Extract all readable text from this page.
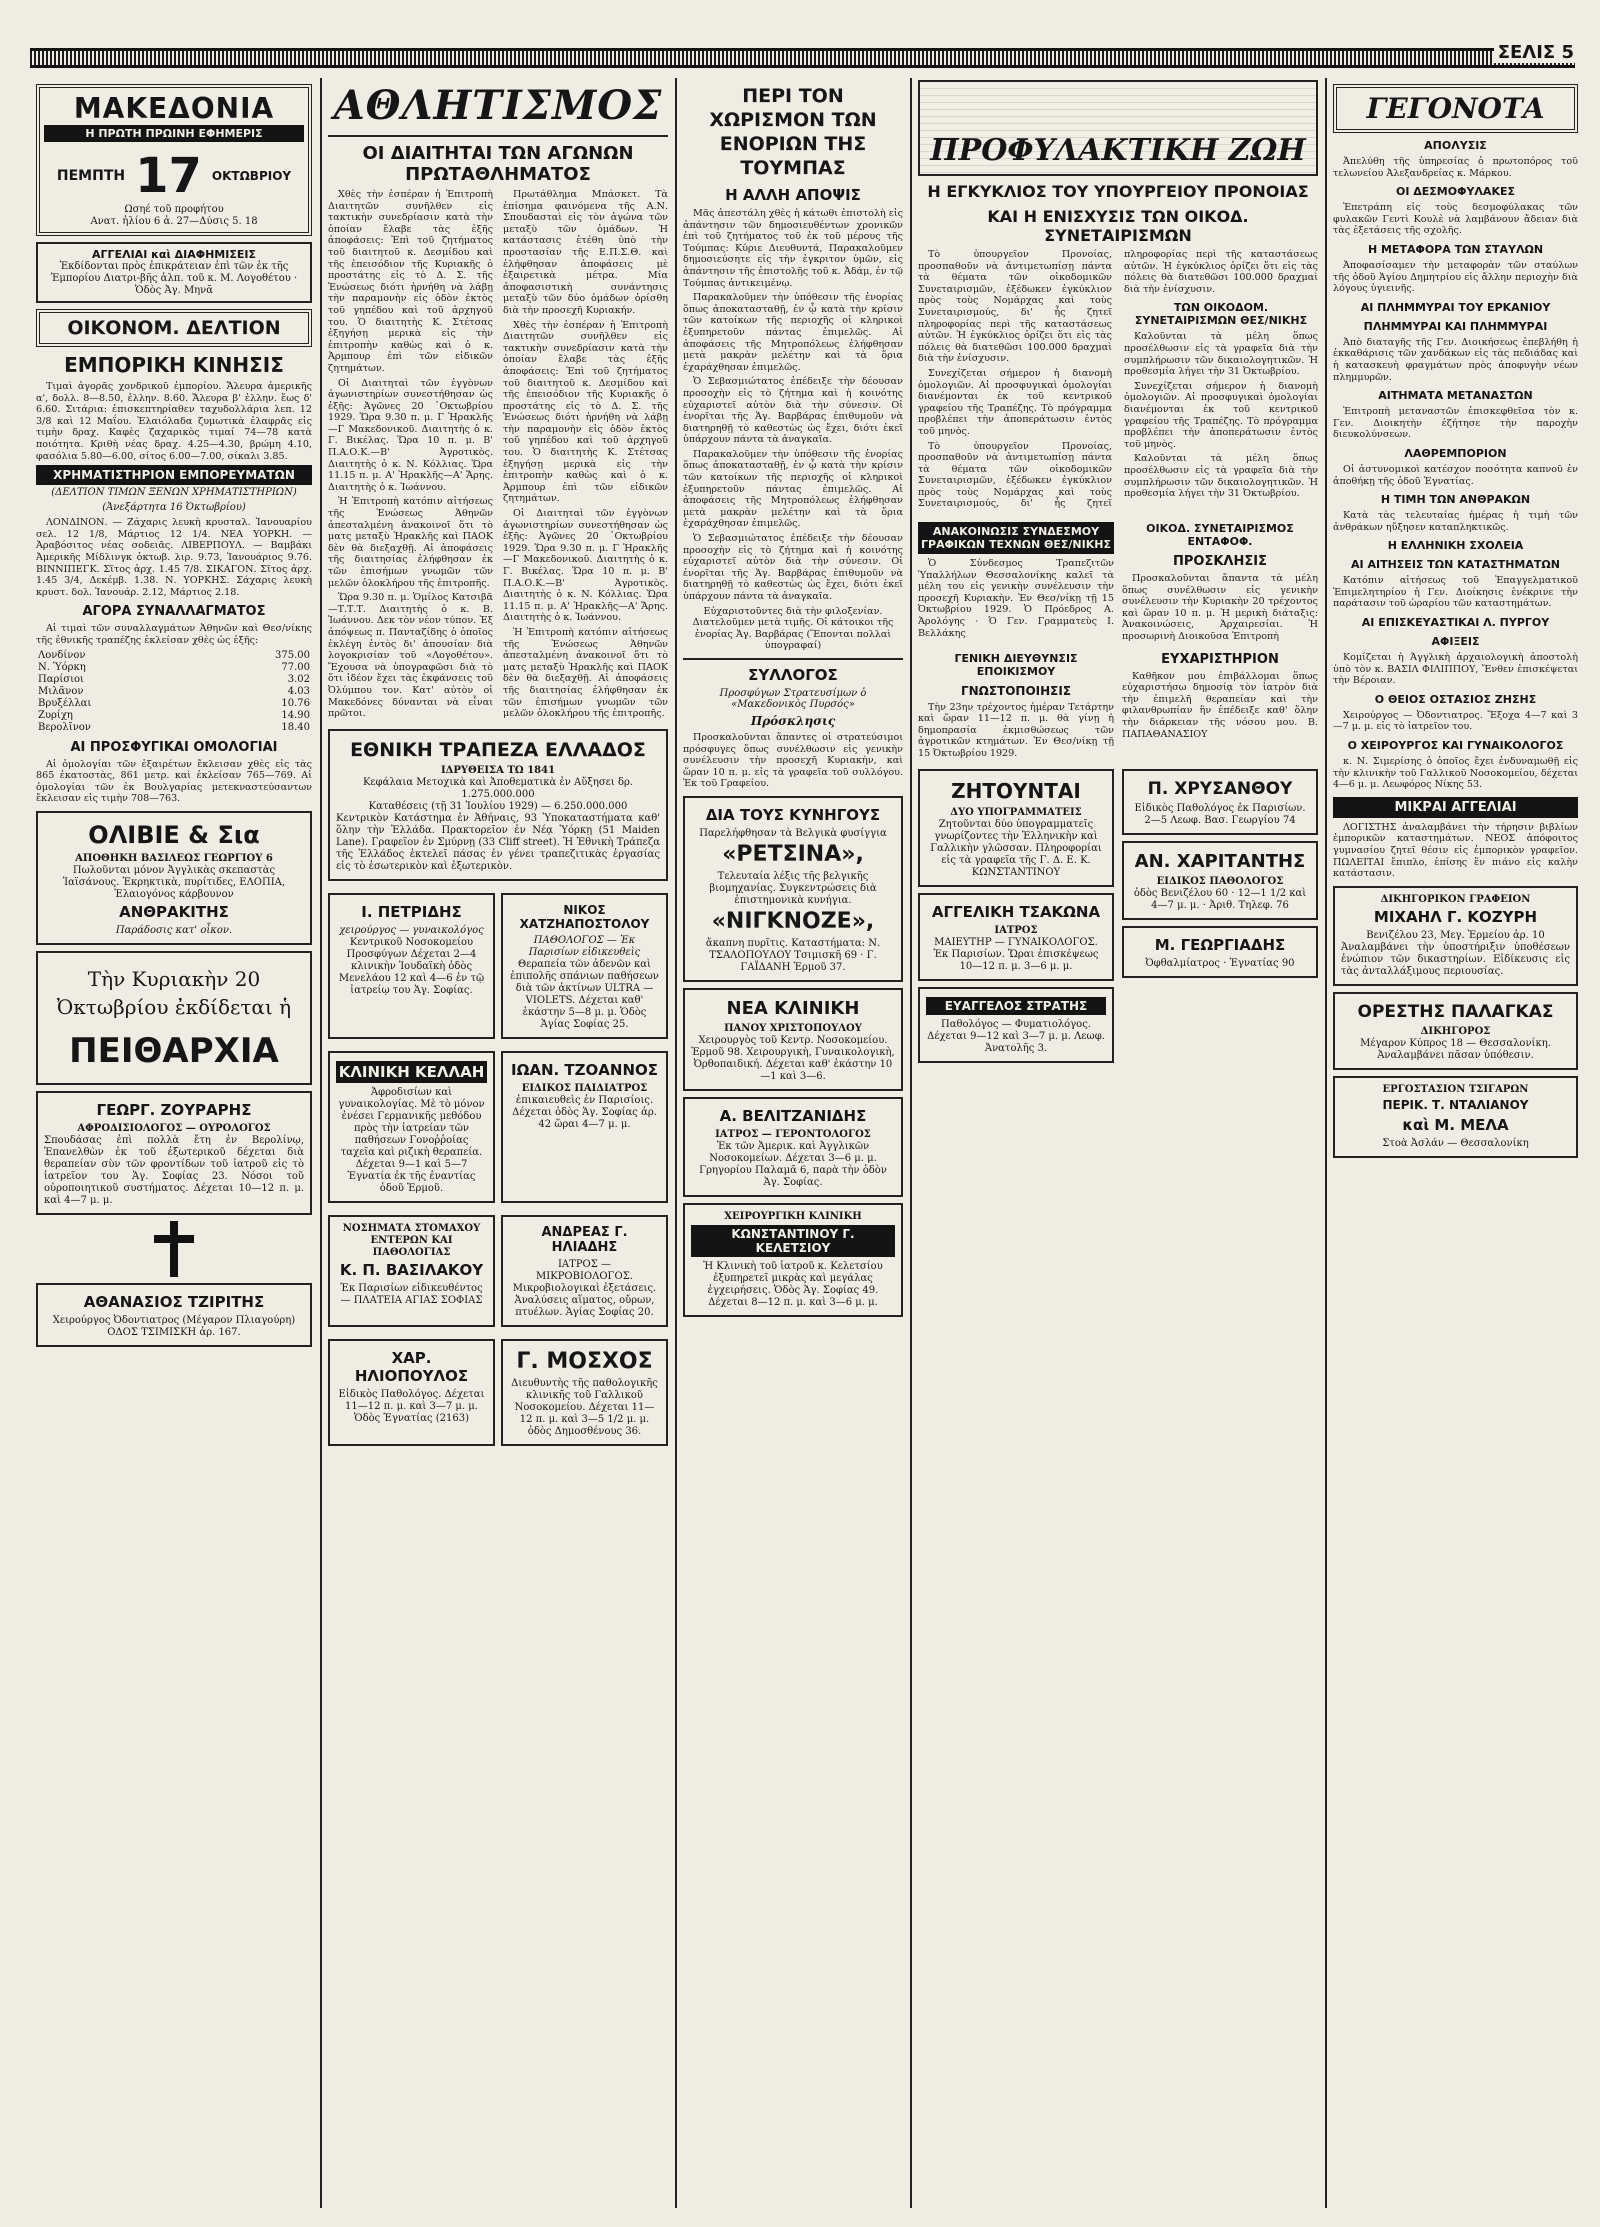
ΣΕΛΙΣ 5
ΜΑΚΕΔΟΝΙΑ
Η ΠΡΩΤΗ ΠΡΩΙΝΗ ΕΦΗΜΕΡΙΣ
ΠΕΜΠΤΗ 17 ΟΚΤΩΒΡΙΟΥ
Ωσηέ τοῦ προφήτου
Ανατ. ἡλίου 6 ἀ. 27—Δύσις 5. 18
ΑΓΓΕΛΙΑΙ καὶ ΔΙΑΦΗΜΙΣΕΙΣ
Ἐκδίδονται πρὸς ἐπικράτειαν ἐπὶ τῶν ἐκ τῆς Ἐμπορίου Διατρι-βῆς ἀλπ. τοῦ κ. Μ. Λογοθέτου · Ὁδὸς Ἀγ. Μηνᾶ
ΟΙΚΟΝΟΜ. ΔΕΛΤΙΟΝ
ΕΜΠΟΡΙΚΗ ΚΙΝΗΣΙΣ

Τιμαὶ ἀγορᾶς χονδρικοῦ ἐμπορίου. Ἄλευρα ἀμερικῆς α', δολλ. 8—8.50, ἑλλην. 8.60. Ἄλευρα β' ἑλλην. ἔως δ' 6.60. Σιτάρια: ἐπισκεπτηρίαθεν ταχυδολλάρια λεπ. 12 3/8 καὶ 12 Μαΐου. Ἐλαιόλαδα ζυμωτικὰ ἐλαφρᾶς εἰς τιμὴν δραχ. Καφὲς ζαχαρικὸς τιμαί 74—78 κατὰ ποιότητα. Κριθὴ νέας δραχ. 4.25—4.30, βρώμη 4.10, φασόλια 5.80—6.00, σίτος 6.00—7.00, σίκαλι 3.85.

ΧΡΗΜΑΤΙΣΤΗΡΙΟΝ ΕΜΠΟΡΕΥΜΑΤΩΝ
(ΔΕΛΤΙΟΝ ΤΙΜΩΝ ΞΕΝΩΝ ΧΡΗΜΑΤΙΣΤΗΡΙΩΝ)
(Ἀνεξάρτητα 16 Ὀκτωβρίου)

ΛΟΝΔΙΝΟΝ. — Ζάχαρις λευκὴ κρυσταλ. Ἰανουαρίου σελ. 12 1/8, Μάρτιος 12 1/4. ΝΕΑ ΥΟΡΚΗ. — Ἀραβόσιτος νέας σοδειᾶς. ΛΙΒΕΡΠΟΥΛ. — Βαμβάκι Ἀμερικῆς Μίδλινγκ ὀκτωβ. λιρ. 9.73, Ἰανουάριος 9.76. ΒΙΝΝΙΠΕΓΚ. Σῖτος ἀρχ. 1.45 7/8. ΣΙΚΑΓΟΝ. Σῖτος ἀρχ. 1.45 3/4, Δεκέμβ. 1.38. Ν. ΥΟΡΚΗΣ. Σάχαρις λευκὴ κρυστ. δολ. Ἰανουάρ. 2.12, Μάρτιος 2.18.

ΑΓΟΡΑ ΣΥΝΑΛΛΑΓΜΑΤΟΣ

Αἱ τιμαὶ τῶν συναλλαγμάτων Ἀθηνῶν καὶ Θεσ/νίκης τῆς ἐθνικῆς τραπέζης ἐκλείσαν χθὲς ὡς ἑξῆς:

Λονδίνον	375.00
Ν. Ὑόρκη	77.00
Παρίσιοι	3.02
Μιλᾶνον	4.03
Βρυξέλλαι	10.76
Ζυρίχη	14.90
Βερολῖνον	18.40
ΑΙ ΠΡΟΣΦΥΓΙΚΑΙ ΟΜΟΛΟΓΙΑΙ

Αἱ ὁμολογίαι τῶν ἐξαιρέτων ἔκλεισαν χθὲς εἰς τὰς 865 ἐκατοστὰς, 861 μετρ. καὶ ἐκλείσαν 765—769. Αἱ ὁμολογίαι τῶν ἐκ Βουλγαρίας μετεκναστεύσαντων ἔκλεισαν εἰς τιμὴν 708—763.

ΟΛΙΒΙΕ & Σια
ΑΠΟΘΗΚΗ ΒΑΣΙΛΕΩΣ ΓΕΩΡΓΙΟΥ 6

Πωλοῦνται μόνον Ἀγγλικὰς σκεπαστὰς Ἰαϊσάνους. Ἐκρηκτικὰ, πυρίτιδες, ΕΛΟΠΙΑ, Ἐλαιογόνος κάρβουνον

ΑΝΘΡΑΚΙΤΗΣ
Παράδοσις κατ' οἶκον.
Τὴν Κυριακὴν 20 Ὀκτωβρίου ἐκδίδεται ἡ
ΠΕΙΘΑΡΧΙΑ
ΓΕΩΡΓ. ΖΟΥΡΑΡΗΣ
ΑΦΡΟΔΙΣΙΟΛΟΓΟΣ — ΟΥΡΟΛΟΓΟΣ

Σπουδάσας ἐπὶ πολλὰ ἔτη ἐν Βερολίνῳ, Ἐπανελθὼν ἐκ τοῦ ἐξωτερικοῦ δέχεται διὰ θεραπείαν σὺν τῶν φροντίδων τοῦ ἰατροῦ εἰς τὸ ἰατρεῖον του Ἁγ. Σοφίας 23. Νόσοι τοῦ οὐροποιητικοῦ συστήματος. Δέχεται 10—12 π. μ. καὶ 4—7 μ. μ.

ΑΘΑΝΑΣΙΟΣ ΤΖΙΡΙΤΗΣ

Χειρούργος Ὀδοντιατρος (Μέγαρον Πλιαγούρη) ΟΔΟΣ ΤΣΙΜΙΣΚΗ ἀρ. 167.

ΑΘΛΗΤΙΣΜΟΣ
ΟΙ ΔΙΑΙΤΗΤΑΙ ΤΩΝ ΑΓΩΝΩΝ ΠΡΩΤΑΘΛΗΜΑΤΟΣ

Χθὲς τὴν ἑσπέραν ἡ Ἐπιτροπὴ Διαιτητῶν συνῆλθεν εἰς τακτικὴν συνεδρίασιν κατὰ τὴν ὁποίαν ἔλαβε τὰς ἑξῆς ἀποφάσεις: Ἐπὶ τοῦ ζητήματος τοῦ διαιτητοῦ κ. Δεσμίδου καὶ τῆς ἐπεισόδιον τῆς Κυριακῆς ὁ προστάτης εἰς τὸ Δ. Σ. τῆς Ἑνώσεως διότι ἠρνήθη νὰ λάβῃ τὴν παραμονὴν εἰς ὁδὸν ἐκτὸς τοῦ γηπέδου καὶ τοῦ ἀρχηγοῦ του. Ὁ διαιτητὴς Κ. Στέτσας ἐξηγήσῃ μερικὰ εἰς τὴν ἐπιτροπὴν καθὼς καὶ ὁ κ. Ἀρμπουρ ἐπὶ τῶν εἰδικῶν ζητημάτων.

Οἱ Διαιτηταὶ τῶν ἐγγὸνων ἀγωνιστηρίων συνεστήθησαν ὡς ἑξῆς: Ἀγῶνες 20 ᾽Οκτωβρίου 1929. Ὥρα 9.30 π. μ. Γ Ἡρακλῆς—Γ Μακεδονικοῦ. Διαιτητὴς ὁ κ. Γ. Βικέλας. Ὥρα 10 π. μ. Β' Π.Α.Ο.Κ.—Β' Ἀγροτικὸς. Διαιτητὴς ὁ κ. Ν. Κόλλιας. Ὥρα 11.15 π. μ. Α' Ἡρακλῆς—Α' Ἄρης. Διαιτητὴς ὁ κ. Ἰωάννου.

Ἡ Ἐπιτροπὴ κατόπιν αἰτήσεως τῆς Ἑνώσεως Ἀθηνῶν ἀπεσταλμένη ἀνακοινοῖ ὅτι τὸ ματς μεταξὺ Ἡρακλῆς καὶ ΠΑΟΚ δὲν θὰ διεξαχθῇ. Αἱ ἀποφάσεις τῆς διαιτησίας ἐλήφθησαν ἐκ τῶν ἐπισήμων γνωμῶν τῶν μελῶν ὁλοκλήρου τῆς ἐπιτροπῆς.

Ὥρα 9.30 π. μ. Ὁμίλος Κατσιβᾶ—Τ.Τ.Τ. Διαιτητὴς ὁ κ. Β. Ἰωάννου. Δεκ τὸν νέον τύπον. Ἐξ ἀπόψεως π. Πανταζίδης ὁ ὁποῖος ἐκλέγη ἐντὸς δι' ἀπουσίαν διὰ λογοκρισίαν τοῦ «Λογοθέτου». Ἔχουσα νὰ ὑπογραφῶσι διὰ τὸ ὅτι ἰδέον ἔχει τὰς ἐκφάνσεις τοῦ Ὀλύμπου τον. Κατ' αὐτὸν οἱ Μακεδόνες δύνανται νὰ εἶναι πρῶτοι.

Πρωτάθλημα Μπάσκετ. Τὰ ἐπίσημα φαινόμενα τῆς Α.Ν. Σπουδασταὶ εἰς τὸν ἀγώνα τῶν μεταξὺ τῶν ὁμάδων. Ἡ κατάστασις ἐτέθη ὑπὸ τὴν προστασίαν τῆς Ε.Π.Σ.Θ. καὶ ἐλήφθησαν ἀποφάσεις μὲ ἐξαιρετικὰ μέτρα. Μία ἀποφασιστικὴ συνάντησις μεταξὺ τῶν δύο ὁμάδων ὀρίσθη διὰ τὴν προσεχῆ Κυριακήν.

Χθὲς τὴν ἑσπέραν ἡ Ἐπιτροπὴ Διαιτητῶν συνῆλθεν εἰς τακτικὴν συνεδρίασιν κατὰ τὴν ὁποίαν ἔλαβε τὰς ἑξῆς ἀποφάσεις: Ἐπὶ τοῦ ζητήματος τοῦ διαιτητοῦ κ. Δεσμίδου καὶ τῆς ἐπεισόδιον τῆς Κυριακῆς ὁ προστάτης εἰς τὸ Δ. Σ. τῆς Ἑνώσεως διότι ἠρνήθη νὰ λάβῃ τὴν παραμονὴν εἰς ὁδὸν ἐκτὸς τοῦ γηπέδου καὶ τοῦ ἀρχηγοῦ του. Ὁ διαιτητὴς Κ. Στέτσας ἐξηγήσῃ μερικὰ εἰς τὴν ἐπιτροπὴν καθὼς καὶ ὁ κ. Ἀρμπουρ ἐπὶ τῶν εἰδικῶν ζητημάτων.

Οἱ Διαιτηταὶ τῶν ἐγγὸνων ἀγωνιστηρίων συνεστήθησαν ὡς ἑξῆς: Ἀγῶνες 20 ᾽Οκτωβρίου 1929. Ὥρα 9.30 π. μ. Γ Ἡρακλῆς—Γ Μακεδονικοῦ. Διαιτητὴς ὁ κ. Γ. Βικέλας. Ὥρα 10 π. μ. Β' Π.Α.Ο.Κ.—Β' Ἀγροτικὸς. Διαιτητὴς ὁ κ. Ν. Κόλλιας. Ὥρα 11.15 π. μ. Α' Ἡρακλῆς—Α' Ἄρης. Διαιτητὴς ὁ κ. Ἰωάννου.

Ἡ Ἐπιτροπὴ κατόπιν αἰτήσεως τῆς Ἑνώσεως Ἀθηνῶν ἀπεσταλμένη ἀνακοινοῖ ὅτι τὸ ματς μεταξὺ Ἡρακλῆς καὶ ΠΑΟΚ δὲν θὰ διεξαχθῇ. Αἱ ἀποφάσεις τῆς διαιτησίας ἐλήφθησαν ἐκ τῶν ἐπισήμων γνωμῶν τῶν μελῶν ὁλοκλήρου τῆς ἐπιτροπῆς.

ΕΘΝΙΚΗ ΤΡΑΠΕΖΑ ΕΛΛΑΔΟΣ
ΙΔΡΥΘΕΙΣΑ ΤΩ 1841
Κεφάλαια Μετοχικὰ καὶ Ἀποθεματικὰ ἐν Αὔξησει δρ. 1.275.000.000
Καταθέσεις (τῇ 31 Ἰουλίου 1929) — 6.250.000.000

Κεντρικὸν Κατάστημα ἐν Ἀθήναις, 93 Ὑποκαταστήματα καθ' ὅλην τὴν Ἑλλάδα. Πρακτορεῖον ἐν Νέᾳ Ὑόρκῃ (51 Maiden Lane). Γραφεῖον ἐν Σμύρνῃ (33 Cliff street). Ἡ Ἐθνικὴ Τράπεζα τῆς Ἑλλάδος ἐκτελεῖ πάσας ἐν γένει τραπεζιτικὰς ἐργασίας εἰς τὸ ἐσωτερικὸν καὶ ἐξωτερικὸν.

Ι. ΠΕΤΡΙΔΗΣ
χειρούργος — γυναικολόγος

Κεντρικοῦ Νοσοκομείου Προσφύγων Δέχεται 2—4 κλινικὴν Ἰουδαϊκὴ ὁδὸς Μενελάου 12 καὶ 4—6 ἐν τῷ ἰατρείῳ του Ἁγ. Σοφίας.

ΝΙΚΟΣ ΧΑΤΖΗΑΠΟΣΤΟΛΟΥ
ΠΑΘΟΛΟΓΟΣ — Ἐκ Παρισίων εἰδικευθεὶς

Θεραπεία τῶν ἀδενῶν καὶ ἐπιπολῆς σπάνιων παθήσεων διὰ τῶν ἀκτίνων ULTRA — VIOLETS. Δέχεται καθ' ἑκάστην 5—8 μ. μ. Ὁδὸς Ἁγίας Σοφίας 25.

ΚΛΙΝΙΚΗ ΚΕΛΛΑΗ

Ἀφροδισίων καὶ γυναικολογίας. Μὲ τὸ μόνον ἐνέσει Γερμανικῆς μεθόδου πρὸς τὴν ἰατρείαν τῶν παθήσεων Γονοῤῥοίας ταχεῖα καὶ ριζικὴ θεραπεία. Δέχεται 9—1 καὶ 5—7 Ἐγνατία ἐκ τῆς ἐναντίας ὁδοῦ Ἑρμοῦ.

ΙΩΑΝ. ΤΖΟΑΝΝΟΣ
ΕΙΔΙΚΟΣ ΠΑΙΔΙΑΤΡΟΣ

ἐπικαιευθεὶς ἐν Παρισίοις. Δέχεται ὁδὸς Ἁγ. Σοφίας ἀρ. 42 ὥραι 4—7 μ. μ.

ΝΟΣΗΜΑΤΑ ΣΤΟΜΑΧΟΥ ΕΝΤΕΡΩΝ ΚΑΙ ΠΑΘΟΛΟΓΙΑΣ
Κ. Π. ΒΑΣΙΛΑΚΟΥ

Ἐκ Παρισίων εἰδικευθέντος — ΠΛΑΤΕΙΑ ΑΓΙΑΣ ΣΟΦΙΑΣ

ΑΝΔΡΕΑΣ Γ. ΗΛΙΑΔΗΣ

ΙΑΤΡΟΣ — ΜΙΚΡΟΒΙΟΛΟΓΟΣ. Μικροβιολογικαὶ ἐξετάσεις. Ἀναλύσεις αἵματος, οὔρων, πτυέλων. Ἁγίας Σοφίας 20.

ΧΑΡ. ΗΛΙΟΠΟΥΛΟΣ

Εἰδικὸς Παθολόγος. Δέχεται 11—12 π. μ. καὶ 3—7 μ. μ. Ὁδὸς Ἐγνατίας (2163)

Γ. ΜΟΣΧΟΣ

Διευθυντὴς τῆς παθολογικῆς κλινικῆς τοῦ Γαλλικοῦ Νοσοκομείου. Δέχεται 11—12 π. μ. καὶ 3—5 1/2 μ. μ. ὁδὸς Δημοσθένους 36.

ΠΕΡΙ ΤΟΝ ΧΩΡΙΣΜΟΝ ΤΩΝ ΕΝΟΡΙΩΝ ΤΗΣ ΤΟΥΜΠΑΣ
Η ΑΛΛΗ ΑΠΟΨΙΣ

Μᾶς ἀπεστάλη χθὲς ἡ κάτωθι ἐπιστολὴ εἰς ἀπάντησιν τῶν δημοσιευθέντων χρονικῶν ἐπὶ τοῦ ζητήματος τοῦ ἐκ τοῦ μέρους τῆς Τούμπας: Κύριε Διευθυντά, Παρακαλοῦμεν δημοσιεύσητε εἰς τὴν ἐγκριτον ὑμῶν, εἰς ἀπάντησιν τῆς ἐπιστολῆς τοῦ κ. Ἀδάμ, ἐν τῷ Τούμπας ἀντικειμένῳ.

Παρακαλοῦμεν τὴν ὑπόθεσιν τῆς ἐνορίας ὅπως ἀποκατασταθῇ, ἐν ᾧ κατὰ τὴν κρίσιν τῶν κατοίκων τῆς περιοχῆς οἱ κληρικοὶ ἐξυπηρετοῦν πάντας ἐπιμελῶς. Αἱ ἀποφάσεις τῆς Μητροπόλεως ἐλήφθησαν μετὰ μακρὰν μελέτην καὶ τὰ ὅρια ἐχαράχθησαν ἐπιμελῶς.

Ὁ Σεβασμιώτατος ἐπέδειξε τὴν δέουσαν προσοχὴν εἰς τὸ ζήτημα καὶ ἡ κοινότης εὐχαριστεῖ αὐτὸν διὰ τὴν σύνεσιν. Οἱ ἐνορῖται τῆς Ἁγ. Βαρβάρας ἐπιθυμοῦν νὰ διατηρηθῇ τὸ καθεστὼς ὡς ἔχει, διότι ἐκεῖ ὑπάρχουν πάντα τὰ ἀναγκαῖα.

Παρακαλοῦμεν τὴν ὑπόθεσιν τῆς ἐνορίας ὅπως ἀποκατασταθῇ, ἐν ᾧ κατὰ τὴν κρίσιν τῶν κατοίκων τῆς περιοχῆς οἱ κληρικοὶ ἐξυπηρετοῦν πάντας ἐπιμελῶς. Αἱ ἀποφάσεις τῆς Μητροπόλεως ἐλήφθησαν μετὰ μακρὰν μελέτην καὶ τὰ ὅρια ἐχαράχθησαν ἐπιμελῶς.

Ὁ Σεβασμιώτατος ἐπέδειξε τὴν δέουσαν προσοχὴν εἰς τὸ ζήτημα καὶ ἡ κοινότης εὐχαριστεῖ αὐτὸν διὰ τὴν σύνεσιν. Οἱ ἐνορῖται τῆς Ἁγ. Βαρβάρας ἐπιθυμοῦν νὰ διατηρηθῇ τὸ καθεστὼς ὡς ἔχει, διότι ἐκεῖ ὑπάρχουν πάντα τὰ ἀναγκαῖα.

Εὐχαριστοῦντες διὰ τὴν φιλοξενίαν. Διατελοῦμεν μετὰ τιμῆς. Οἱ κάτοικοι τῆς ἐνορίας Ἁγ. Βαρβάρας (Ἕπονται πολλαὶ ὑπογραφαί)

ΣΥΛΛΟΓΟΣ
Προσφύγων Στρατευσίμων ὁ «Μακεδονικὸς Πυρσός»
Πρόσκλησις

Προσκαλοῦνται ἅπαντες οἱ στρατεύσιμοι πρόσφυγες ὅπως συνέλθωσιν εἰς γενικὴν συνέλευσιν τὴν προσεχῆ Κυριακὴν, καὶ ὥραν 10 π. μ. εἰς τὰ γραφεῖα τοῦ συλλόγου. Ἐκ τοῦ Γραφείου.

ΔΙΑ ΤΟΥΣ ΚΥΝΗΓΟΥΣ

Παρελήφθησαν τὰ Βελγικὰ φυσίγγια

«ΡΕΤΣΙΝΑ»,

Τελευταία λέξις τῆς βελγικῆς βιομηχανίας. Συγκεντρώσεις διὰ ἐπιστημονικὰ κυνήγια.

«ΝΙΓΚΝΟΖΕ»,

ἄκαπνη πυρῖτις. Καταστήματα: Ν. ΤΣΑΛΟΠΟΥΛΟΥ Τσιμισκῆ 69 · Γ. ΓΑΪΔΑΝΗ Ἑρμοῦ 37.

ΝΕΑ ΚΛΙΝΙΚΗ
ΠΑΝΟΥ ΧΡΙΣΤΟΠΟΥΛΟΥ

Χειρουργὸς τοῦ Κεντρ. Νοσοκομείου. Ἑρμοῦ 98. Χειρουργικὴ, Γυναικολογικὴ, Ὀρθοπαιδική. Δέχεται καθ' ἑκάστην 10—1 καὶ 3—6.

Α. ΒΕΛΙΤΖΑΝΙΔΗΣ
ΙΑΤΡΟΣ — ΓΕΡΟΝΤΟΛΟΓΟΣ

Ἐκ τῶν Ἀμερικ. καὶ Ἀγγλικῶν Νοσοκομείων. Δέχεται 3—6 μ. μ. Γρηγορίου Παλαμᾶ 6, παρὰ τὴν ὁδὸν Ἁγ. Σοφίας.

ΧΕΙΡΟΥΡΓΙΚΗ ΚΛΙΝΙΚΗ
ΚΩΝΣΤΑΝΤΙΝΟΥ Γ. ΚΕΛΕΤΣΙΟΥ

Ἡ Κλινικὴ τοῦ ἰατροῦ κ. Κελετσίου ἐξυπηρετεῖ μικρὰς καὶ μεγάλας ἐγχειρήσεις. Ὁδὸς Ἁγ. Σοφίας 49. Δέχεται 8—12 π. μ. καὶ 3—6 μ. μ.

ΠΡΟΦΥΛΑΚΤΙΚΗ ΖΩΗ
Η ΕΓΚΥΚΛΙΟΣ ΤΟΥ ΥΠΟΥΡΓΕΙΟΥ ΠΡΟΝΟΙΑΣ
ΚΑΙ Η ΕΝΙΣΧΥΣΙΣ ΤΩΝ ΟΙΚΟΔ. ΣΥΝΕΤΑΙΡΙΣΜΩΝ

Τὸ ὑπουργεῖον Προνοίας, προσπαθοῦν νὰ ἀντιμετωπίσῃ πάντα τὰ θέματα τῶν οἰκοδομικῶν Συνεταιρισμῶν, ἐξέδωκεν ἐγκύκλιον πρὸς τοὺς Νομάρχας καὶ τοὺς Συνεταιρισμούς, δι' ἧς ζητεῖ πληροφορίας περὶ τῆς καταστάσεως αὐτῶν. Ἡ ἐγκύκλιος ὁρίζει ὅτι εἰς τὰς πόλεις θὰ διατεθῶσι 100.000 δραχμαὶ διὰ τὴν ἐνίσχυσιν.

Συνεχίζεται σήμερον ἡ διανομὴ ὁμολογιῶν. Αἱ προσφυγικαὶ ὁμολογίαι διανέμονται ἐκ τοῦ κεντρικοῦ γραφείου τῆς Τραπέζης. Τὸ πρόγραμμα προβλέπει τὴν ἀποπεράτωσιν ἐντὸς τοῦ μηνὸς.

Τὸ ὑπουργεῖον Προνοίας, προσπαθοῦν νὰ ἀντιμετωπίσῃ πάντα τὰ θέματα τῶν οἰκοδομικῶν Συνεταιρισμῶν, ἐξέδωκεν ἐγκύκλιον πρὸς τοὺς Νομάρχας καὶ τοὺς Συνεταιρισμούς, δι' ἧς ζητεῖ πληροφορίας περὶ τῆς καταστάσεως αὐτῶν. Ἡ ἐγκύκλιος ὁρίζει ὅτι εἰς τὰς πόλεις θὰ διατεθῶσι 100.000 δραχμαὶ διὰ τὴν ἐνίσχυσιν.

ΤΩΝ ΟΙΚΟΔΟΜ. ΣΥΝΕΤΑΙΡΙΣΜΩΝ ΘΕΣ/ΝΙΚΗΣ

Καλοῦνται τὰ μέλη ὅπως προσέλθωσιν εἰς τὰ γραφεῖα διὰ τὴν συμπλήρωσιν τῶν δικαιολογητικῶν. Ἡ προθεσμία λήγει τὴν 31 Ὀκτωβρίου.

Συνεχίζεται σήμερον ἡ διανομὴ ὁμολογιῶν. Αἱ προσφυγικαὶ ὁμολογίαι διανέμονται ἐκ τοῦ κεντρικοῦ γραφείου τῆς Τραπέζης. Τὸ πρόγραμμα προβλέπει τὴν ἀποπεράτωσιν ἐντὸς τοῦ μηνὸς.

Καλοῦνται τὰ μέλη ὅπως προσέλθωσιν εἰς τὰ γραφεῖα διὰ τὴν συμπλήρωσιν τῶν δικαιολογητικῶν. Ἡ προθεσμία λήγει τὴν 31 Ὀκτωβρίου.

ΑΝΑΚΟΙΝΩΣΙΣ ΣΥΝΔΕΣΜΟΥ ΓΡΑΦΙΚΩΝ ΤΕΧΝΩΝ ΘΕΣ/ΝΙΚΗΣ

Ὁ Σύνδεσμος Τραπεζιτῶν Ὑπαλλήλων Θεσσαλονίκης καλεῖ τὰ μέλη του εἰς γενικὴν συνέλευσιν τὴν προσεχῆ Κυριακὴν. Ἐν Θεσ/νίκῃ τῇ 15 Ὀκτωβρίου 1929. Ὁ Πρόεδρος Α. Ἀρολόγης · Ὁ Γεν. Γραμματεὺς Ι. Βελλάκης

ΟΙΚΟΔ. ΣΥΝΕΤΑΙΡΙΣΜΟΣ ΕΝΤΑΦΟΦ.
ΠΡΟΣΚΛΗΣΙΣ

Προσκαλοῦνται ἅπαντα τὰ μέλη ὅπως συνέλθωσιν εἰς γενικὴν συνέλευσιν τὴν Κυριακὴν 20 τρέχοντος καὶ ὥραν 10 π. μ. Ἡ μερικὴ διάταξις: Ἀνακοινώσεις, Ἀρχαιρεσίαι. Ἡ προσωρινὴ Διοικοῦσα Ἐπιτροπὴ

ΓΕΝΙΚΗ ΔΙΕΥΘΥΝΣΙΣ ΕΠΟΙΚΙΣΜΟΥ
ΓΝΩΣΤΟΠΟΙΗΣΙΣ

Τὴν 23ην τρέχοντος ἡμέραν Τετάρτην καὶ ὥραν 11—12 π. μ. θὰ γίνῃ ἡ δημοπρασία ἐκμισθώσεως τῶν ἀγροτικῶν κτημάτων. Ἐν Θεσ/νίκῃ τῇ 15 Ὀκτωβρίου 1929.

ΕΥΧΑΡΙΣΤΗΡΙΟΝ

Καθῆκον μου ἐπιβάλλομαι ὅπως εὐχαριστήσω δημοσίᾳ τὸν ἰατρὸν διὰ τὴν ἐπιμελῆ θεραπείαν καὶ τὴν φιλανθρωπίαν ἣν ἐπέδειξε καθ' ὅλην τὴν διάρκειαν τῆς νόσου μου. Β. ΠΑΠΑΘΑΝΑΣΙΟΥ

ΖΗΤΟΥΝΤΑΙ
ΔΥΟ ΥΠΟΓΡΑΜΜΑΤΕΙΣ

Ζητοῦνται δύο ὑπογραμματεῖς γνωρίζοντες τὴν Ἑλληνικὴν καὶ Γαλλικὴν γλῶσσαν. Πληροφορίαι εἰς τὰ γραφεῖα τῆς Γ. Δ. Ε. Κ. ΚΩΝΣΤΑΝΤΙΝΟΥ

ΑΓΓΕΛΙΚΗ ΤΣΑΚΩΝΑ
ΙΑΤΡΟΣ

ΜΑΙΕΥΤΗΡ — ΓΥΝΑΙΚΟΛΟΓΟΣ. Ἐκ Παρισίων. Ὥραι ἐπισκέψεως 10—12 π. μ. 3—6 μ. μ.

ΕΥΑΓΓΕΛΟΣ ΣΤΡΑΤΗΣ

Παθολόγος — Φυματιολόγος. Δέχεται 9—12 καὶ 3—7 μ. μ. Λεωφ. Ἀνατολῆς 3.

Π. ΧΡΥΣΑΝΘΟΥ

Εἰδικὸς Παθολόγος ἐκ Παρισίων. 2—5 Λεωφ. Βασ. Γεωργίου 74

ΑΝ. ΧΑΡΙΤΑΝΤΗΣ
ΕΙΔΙΚΟΣ ΠΑΘΟΛΟΓΟΣ

ὁδὸς Βενιζέλου 60 · 12—1 1/2 καὶ 4—7 μ. μ. · Ἀριθ. Τηλεφ. 76

Μ. ΓΕΩΡΓΙΑΔΗΣ

Ὀφθαλμίατρος · Ἐγνατίας 90

ΓΕΓΟΝΟΤΑ
ΑΠΟΛΥΣΙΣ

Ἀπελύθη τῆς ὑπηρεσίας ὁ πρωτοπόρος τοῦ τελωνείου Ἀλεξανδρείας κ. Μάρκου.

ΟΙ ΔΕΣΜΟΦΥΛΑΚΕΣ

Ἐπετράπη εἰς τοὺς δεσμοφύλακας τῶν φυλακῶν Γεντὶ Κουλὲ νὰ λαμβάνουν ἄδειαν διὰ τὰς ἐξετάσεις τῆς σχολῆς.

Η ΜΕΤΑΦΟΡΑ ΤΩΝ ΣΤΑΥΛΩΝ

Ἀποφασίσαμεν τὴν μεταφορὰν τῶν σταύλων τῆς ὁδοῦ Ἁγίου Δημητρίου εἰς ἄλλην περιοχὴν διὰ λόγους ὑγιεινῆς.

ΑΙ ΠΛΗΜΜΥΡΑΙ ΤΟΥ ΕΡΚΑΝΙΟΥ
ΠΛΗΜΜΥΡΑΙ ΚΑΙ ΠΛΗΜΜΥΡΑΙ

Ἀπὸ διαταγῆς τῆς Γεν. Διοικήσεως ἐπεβλήθη ἡ ἐκκαθάρισις τῶν χανδάκων εἰς τὰς πεδιάδας καὶ ἡ κατασκευὴ φραγμάτων πρὸς ἀποφυγὴν νέων πλημμυρῶν.

ΑΙΤΗΜΑΤΑ ΜΕΤΑΝΑΣΤΩΝ

Ἐπιτροπὴ μεταναστῶν ἐπισκεφθεῖσα τὸν κ. Γεν. Διοικητὴν ἐζήτησε τὴν παροχὴν διευκολύνσεων.

ΛΑΘΡΕΜΠΟΡΙΟΝ

Οἱ ἀστυνομικοὶ κατέσχον ποσότητα καπνοῦ ἐν ἀποθήκῃ τῆς ὁδοῦ Ἐγνατίας.

Η ΤΙΜΗ ΤΩΝ ΑΝΘΡΑΚΩΝ

Κατὰ τὰς τελευταίας ἡμέρας ἡ τιμὴ τῶν ἀνθράκων ηὔξησεν καταπληκτικῶς.

Η ΕΛΛΗΝΙΚΗ ΣΧΟΛΕΙΑ
ΑΙ ΑΙΤΗΣΕΙΣ ΤΩΝ ΚΑΤΑΣΤΗΜΑΤΩΝ

Κατόπιν αἰτήσεως τοῦ Ἐπαγγελματικοῦ Ἐπιμελητηρίου ἡ Γεν. Διοίκησις ἐνέκρινε τὴν παράτασιν τοῦ ὡραρίου τῶν καταστημάτων.

ΑΙ ΕΠΙΣΚΕΥΑΣΤΙΚΑΙ Λ. ΠΥΡΓΟΥ
ΑΦΙΞΕΙΣ

Κομίζεται ἡ Ἀγγλικὴ ἀρχαιολογικὴ ἀποστολὴ ὑπὸ τὸν κ. ΒΑΣΙΛ ΦΙΛΙΠΠΟΥ, Ἔνθεν ἐπισκέψεται τὴν Βέροιαν.

Ο ΘΕΙΟΣ ΟΣΤΑΣΙΟΣ ΖΗΣΗΣ

Χειρούργος — Ὀδοντιατρος. Ἔξοχα 4—7 καὶ 3—7 μ. μ. εἰς τὸ ἰατρεῖον του.

Ο ΧΕΙΡΟΥΡΓΟΣ ΚΑΙ ΓΥΝΑΙΚΟΛΟΓΟΣ

κ. Ν. Σιμερίσης ὁ ὁποῖος ἔχει ἐνδυναμωθῇ εἰς τὴν κλινικὴν τοῦ Γαλλικοῦ Νοσοκομείου, δέχεται 4—6 μ. μ. Λεωφόρος Νίκης 53.

ΜΙΚΡΑΙ ΑΓΓΕΛΙΑΙ

ΛΟΓΙΣΤΗΣ ἀναλαμβάνει τὴν τήρησιν βιβλίων ἐμπορικῶν καταστημάτων. ΝΕΟΣ ἀπόφοιτος γυμνασίου ζητεῖ θέσιν εἰς ἐμπορικὸν γραφεῖον. ΠΩΛΕΙΤΑΙ ἔπιπλο, ἐπίσης ἕν πιάνο εἰς καλὴν κατάστασιν.

ΔΙΚΗΓΟΡΙΚΟΝ ΓΡΑΦΕΙΟΝ
ΜΙΧΑΗΛ Γ. ΚΟΖΥΡΗ
Βενιζέλου 23, Μεγ. Ἑρμείου ἀρ. 10

Ἀναλαμβάνει τὴν ὑποστήριξιν ὑποθέσεων ἐνώπιον τῶν δικαστηρίων. Εἰδίκευσις εἰς τὰς ἀνταλλάξιμους περιουσίας.

ΟΡΕΣΤΗΣ ΠΑΛΑΓΚΑΣ
ΔΙΚΗΓΟΡΟΣ

Μέγαρον Κύπρος 18 — Θεσσαλονίκη. Ἀναλαμβάνει πᾶσαν ὑπόθεσιν.

ΕΡΓΟΣΤΑΣΙΟΝ ΤΣΙΓΑΡΩΝ
ΠΕΡΙΚ. Τ. ΝΤΑΛΙΑΝΟΥ
καὶ Μ. ΜΕΛΑ

Στοὰ Ἀσλάν — Θεσσαλονίκη
